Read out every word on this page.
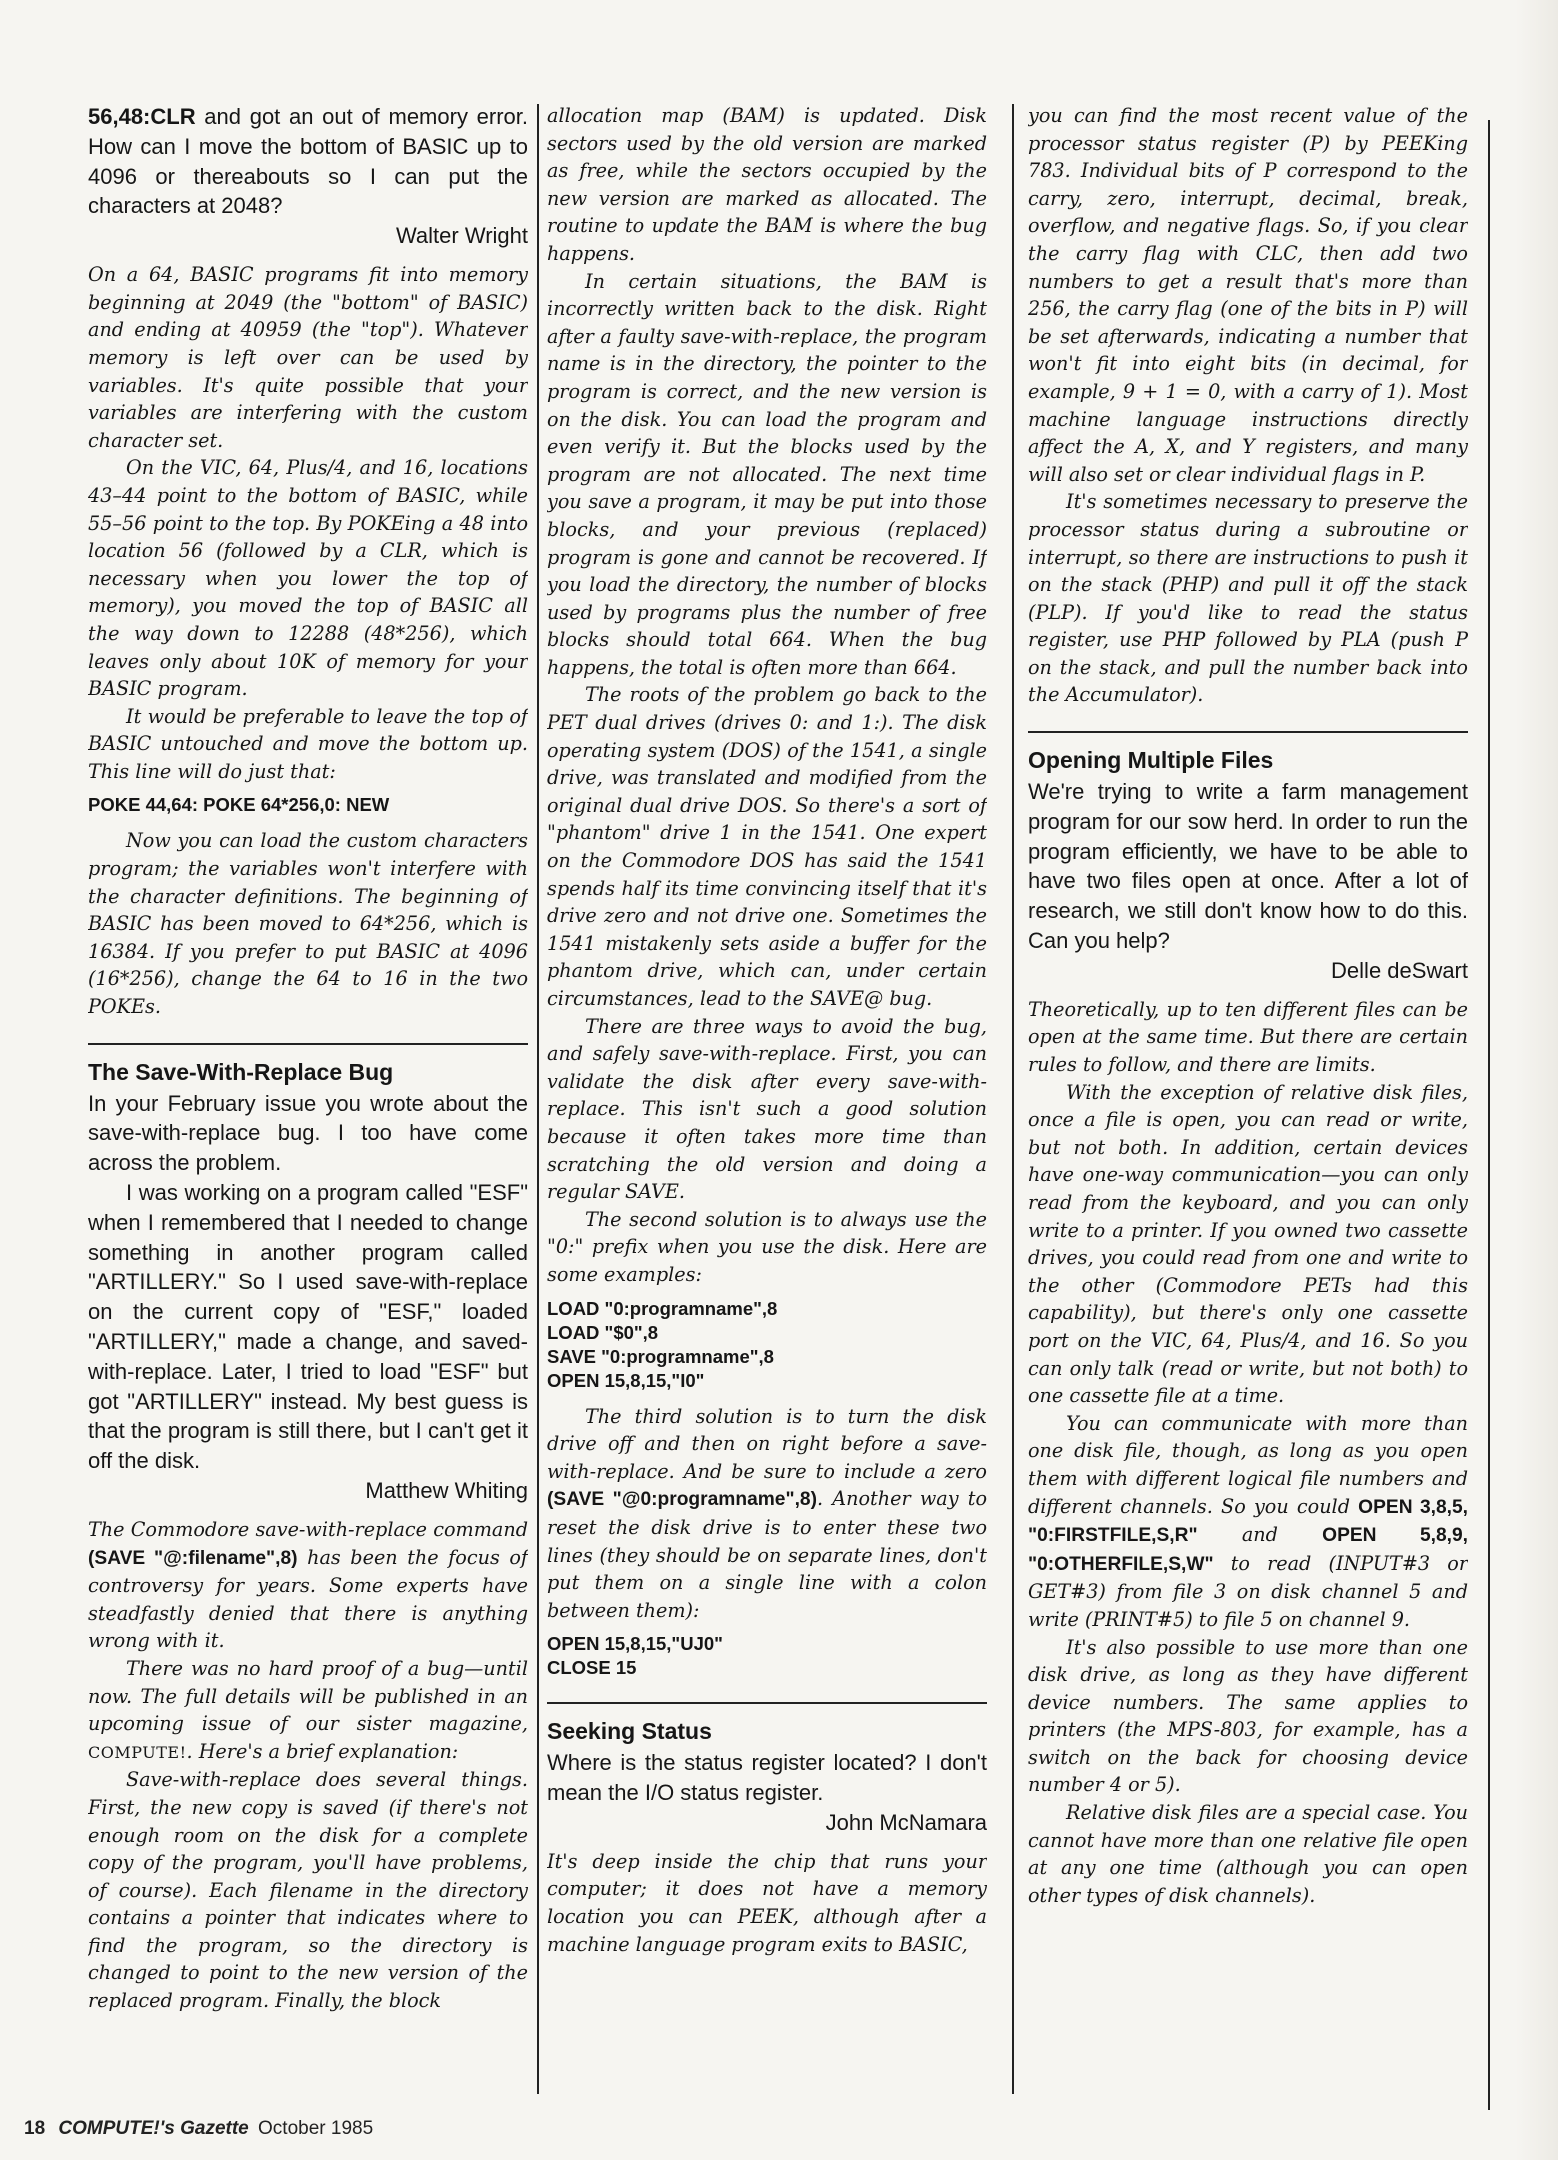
56,48:CLR and got an out of memory error. How can I move the bottom of BASIC up to 4096 or thereabouts so I can put the characters at 2048?

Walter Wright

On a 64, BASIC programs fit into memory beginning at 2049 (the "bottom" of BASIC) and ending at 40959 (the "top"). Whatever memory is left over can be used by variables. It's quite possible that your variables are interfering with the custom character set.

On the VIC, 64, Plus/4, and 16, locations 43–44 point to the bottom of BASIC, while 55–56 point to the top. By POKEing a 48 into location 56 (followed by a CLR, which is necessary when you lower the top of memory), you moved the top of BASIC all the way down to 12288 (48*256), which leaves only about 10K of memory for your BASIC program.

It would be preferable to leave the top of BASIC untouched and move the bottom up. This line will do just that:

POKE 44,64: POKE 64*256,0: NEW

Now you can load the custom characters program; the variables won't interfere with the character definitions. The beginning of BASIC has been moved to 64*256, which is 16384. If you prefer to put BASIC at 4096 (16*256), change the 64 to 16 in the two POKEs.

The Save-With-Replace Bug

In your February issue you wrote about the save-with-replace bug. I too have come across the problem.

I was working on a program called "ESF" when I remembered that I needed to change something in another program called "ARTILLERY." So I used save-with-replace on the current copy of "ESF," loaded "ARTILLERY," made a change, and saved-with-replace. Later, I tried to load "ESF" but got "ARTILLERY" instead. My best guess is that the program is still there, but I can't get it off the disk.

Matthew Whiting

The Commodore save-with-replace command (SAVE "@:filename",8) has been the focus of controversy for years. Some experts have steadfastly denied that there is anything wrong with it.

There was no hard proof of a bug—until now. The full details will be published in an upcoming issue of our sister magazine, COMPUTE!. Here's a brief explanation:

Save-with-replace does several things. First, the new copy is saved (if there's not enough room on the disk for a complete copy of the program, you'll have problems, of course). Each filename in the directory contains a pointer that indicates where to find the program, so the directory is changed to point to the new version of the replaced program. Finally, the block

allocation map (BAM) is updated. Disk sectors used by the old version are marked as free, while the sectors occupied by the new version are marked as allocated. The routine to update the BAM is where the bug happens.

In certain situations, the BAM is incorrectly written back to the disk. Right after a faulty save-with-replace, the program name is in the directory, the pointer to the program is correct, and the new version is on the disk. You can load the program and even verify it. But the blocks used by the program are not allocated. The next time you save a program, it may be put into those blocks, and your previous (replaced) program is gone and cannot be recovered. If you load the directory, the number of blocks used by programs plus the number of free blocks should total 664. When the bug happens, the total is often more than 664.

The roots of the problem go back to the PET dual drives (drives 0: and 1:). The disk operating system (DOS) of the 1541, a single drive, was translated and modified from the original dual drive DOS. So there's a sort of "phantom" drive 1 in the 1541. One expert on the Commodore DOS has said the 1541 spends half its time convincing itself that it's drive zero and not drive one. Sometimes the 1541 mistakenly sets aside a buffer for the phantom drive, which can, under certain circumstances, lead to the SAVE@ bug.

There are three ways to avoid the bug, and safely save-with-replace. First, you can validate the disk after every save-with-replace. This isn't such a good solution because it often takes more time than scratching the old version and doing a regular SAVE.

The second solution is to always use the "0:" prefix when you use the disk. Here are some examples:

LOAD "0:programname",8
LOAD "$0",8
SAVE "0:programname",8
OPEN 15,8,15,"I0"

The third solution is to turn the disk drive off and then on right before a save-with-replace. And be sure to include a zero (SAVE "@0:programname",8). Another way to reset the disk drive is to enter these two lines (they should be on separate lines, don't put them on a single line with a colon between them):

OPEN 15,8,15,"UJ0"
CLOSE 15
Seeking Status

Where is the status register located? I don't mean the I/O status register.

John McNamara

It's deep inside the chip that runs your computer; it does not have a memory location you can PEEK, although after a machine language program exits to BASIC,

you can find the most recent value of the processor status register (P) by PEEKing 783. Individual bits of P correspond to the carry, zero, interrupt, decimal, break, overflow, and negative flags. So, if you clear the carry flag with CLC, then add two numbers to get a result that's more than 256, the carry flag (one of the bits in P) will be set afterwards, indicating a number that won't fit into eight bits (in decimal, for example, 9 + 1 = 0, with a carry of 1). Most machine language instructions directly affect the A, X, and Y registers, and many will also set or clear individual flags in P.

It's sometimes necessary to preserve the processor status during a subroutine or interrupt, so there are instructions to push it on the stack (PHP) and pull it off the stack (PLP). If you'd like to read the status register, use PHP followed by PLA (push P on the stack, and pull the number back into the Accumulator).

Opening Multiple Files

We're trying to write a farm management program for our sow herd. In order to run the program efficiently, we have to be able to have two files open at once. After a lot of research, we still don't know how to do this. Can you help?

Delle deSwart

Theoretically, up to ten different files can be open at the same time. But there are certain rules to follow, and there are limits.

With the exception of relative disk files, once a file is open, you can read or write, but not both. In addition, certain devices have one-way communication—you can only read from the keyboard, and you can only write to a printer. If you owned two cassette drives, you could read from one and write to the other (Commodore PETs had this capability), but there's only one cassette port on the VIC, 64, Plus/4, and 16. So you can only talk (read or write, but not both) to one cassette file at a time.

You can communicate with more than one disk file, though, as long as you open them with different logical file numbers and different channels. So you could OPEN 3,8,5, "0:FIRSTFILE,S,R" and OPEN 5,8,9, "0:OTHERFILE,S,W" to read (INPUT#3 or GET#3) from file 3 on disk channel 5 and write (PRINT#5) to file 5 on channel 9.

It's also possible to use more than one disk drive, as long as they have different device numbers. The same applies to printers (the MPS-803, for example, has a switch on the back for choosing device number 4 or 5).

Relative disk files are a special case. You cannot have more than one relative file open at any one time (although you can open other types of disk channels).

18 COMPUTE!'s Gazette October 1985
